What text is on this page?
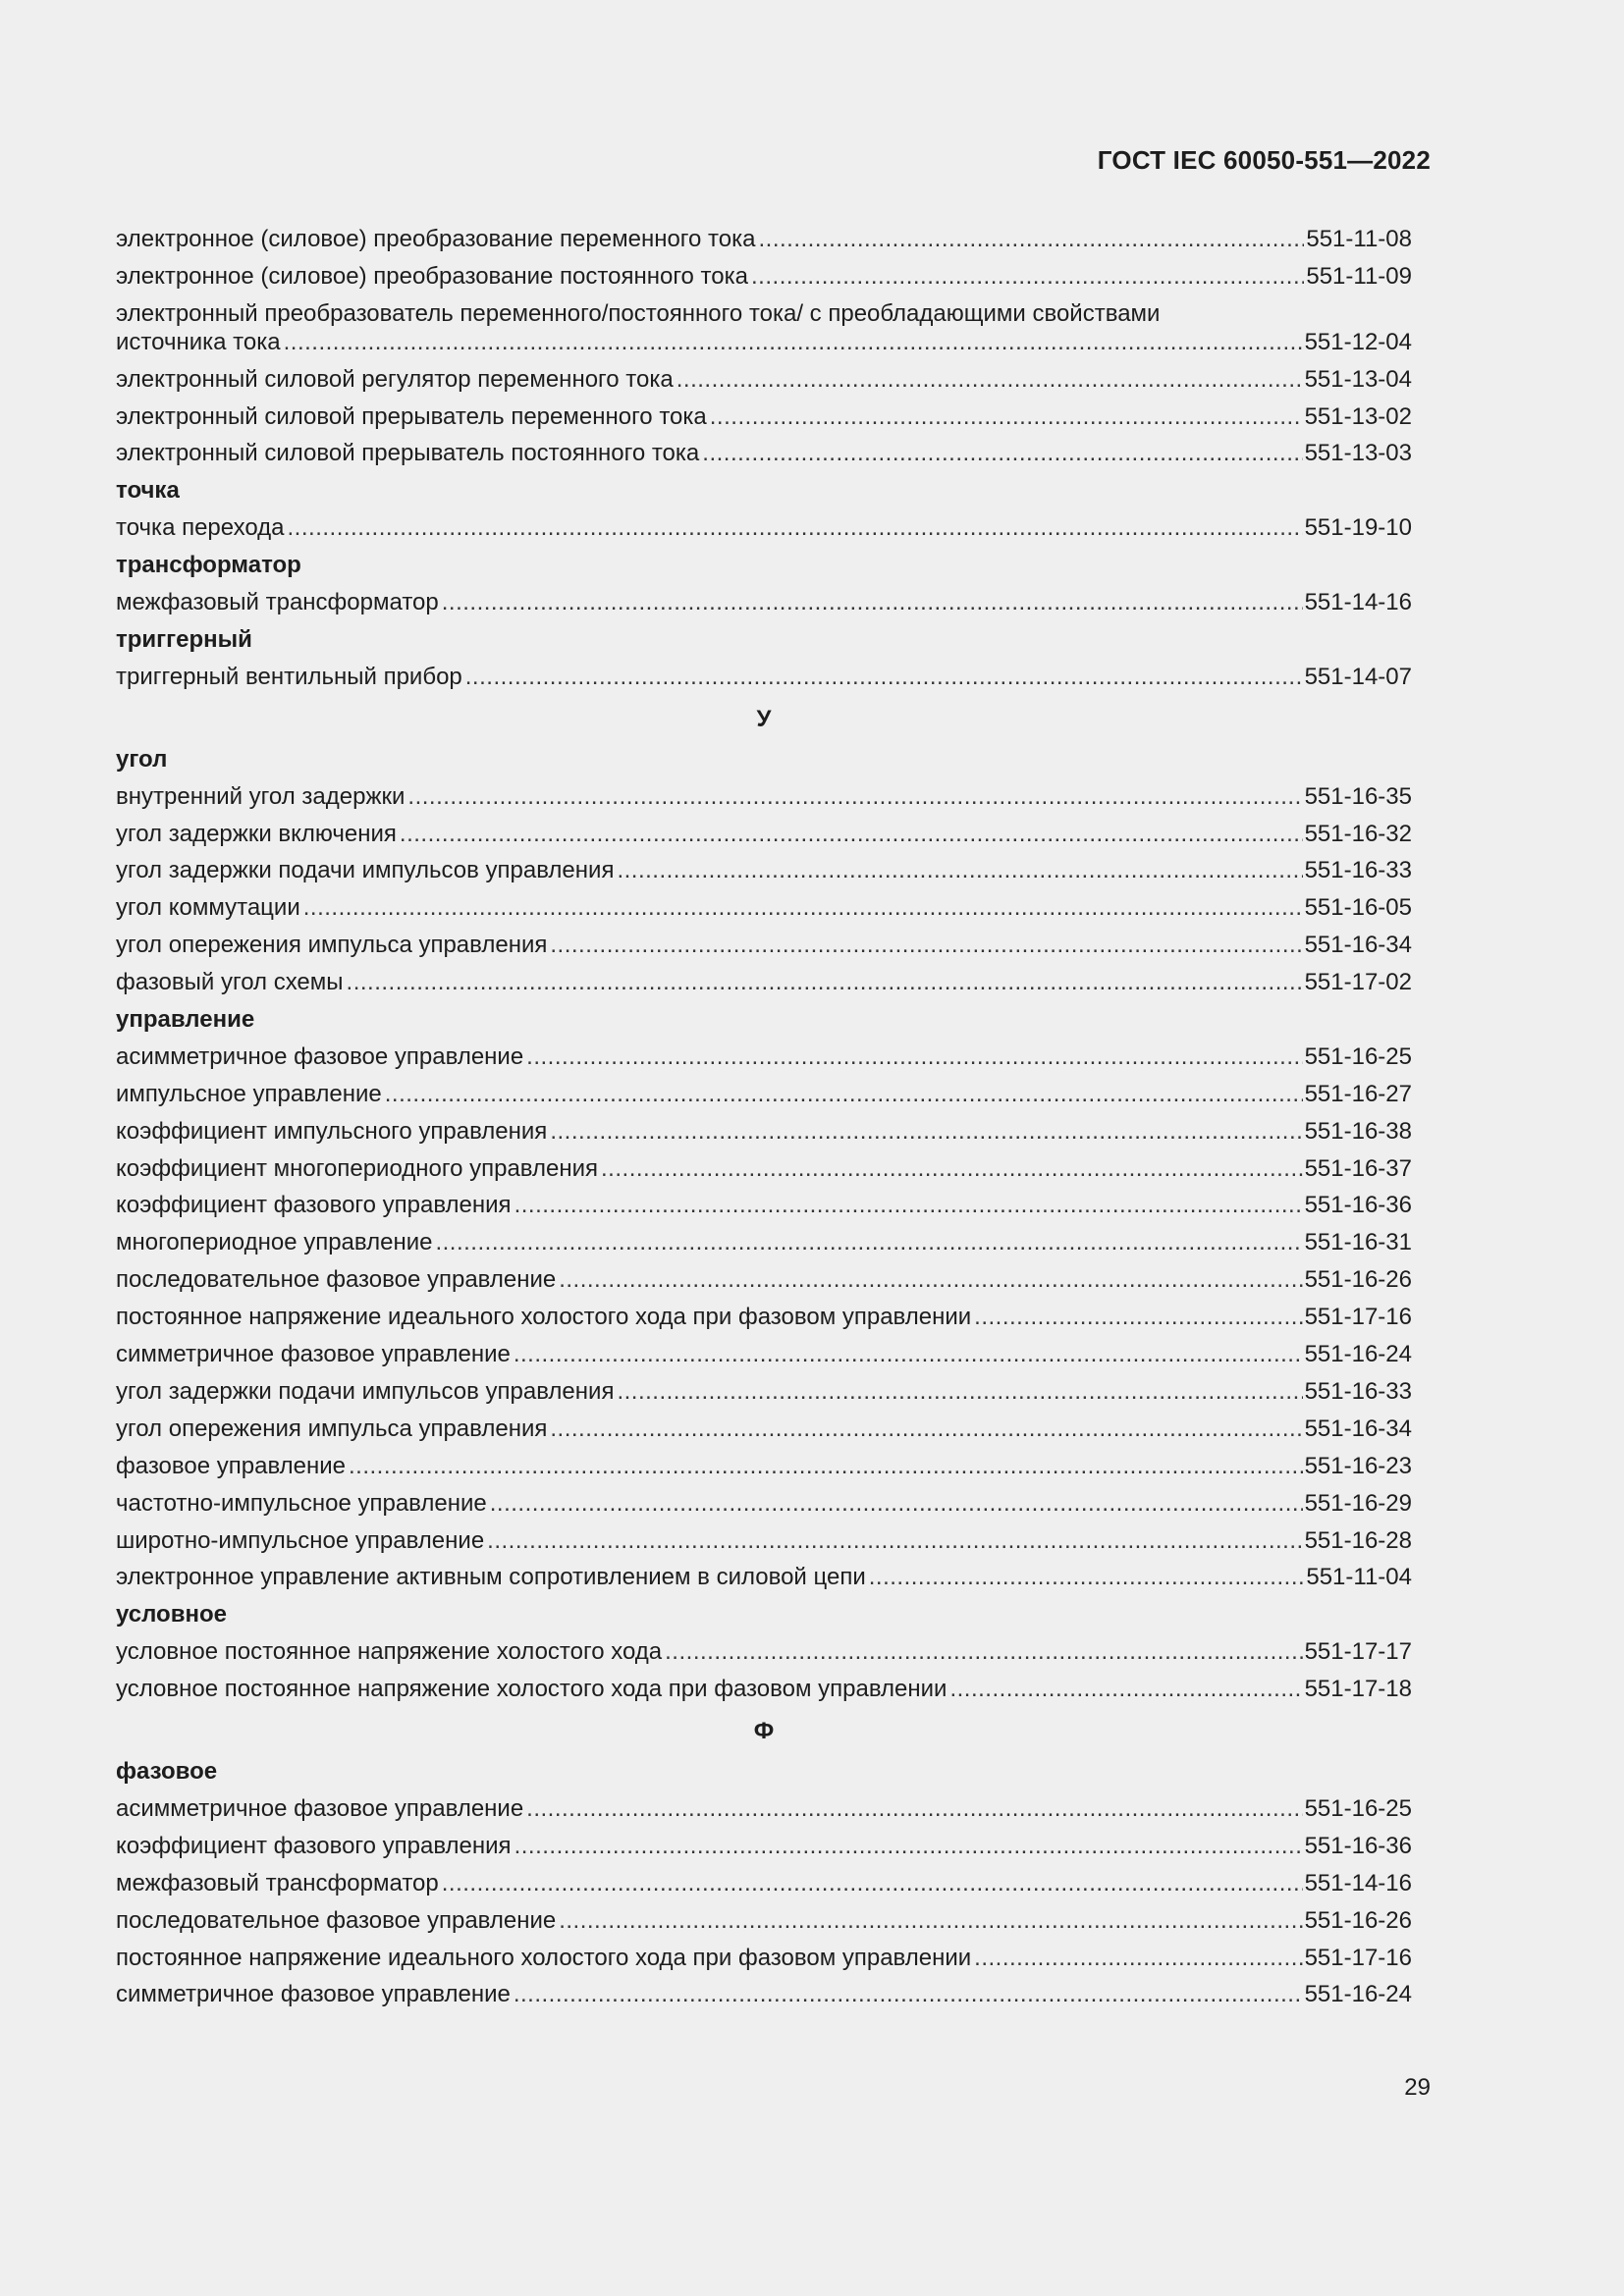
ГОСТ IEC 60050-551—2022
электронное (силовое) преобразование переменного тока .....	551-11-08
электронное (силовое) преобразование постоянного тока .....	551-11-09
электронный преобразователь переменного/постоянного тока/ с преобладающими свойствами
источника тока .....	551-12-04
электронный силовой регулятор переменного тока .....	551-13-04
электронный силовой прерыватель переменного тока .....	551-13-02
электронный силовой прерыватель постоянного тока .....	551-13-03
точка
точка перехода .....	551-19-10
трансформатор
межфазовый трансформатор .....	551-14-16
триггерный
триггерный вентильный прибор .....	551-14-07
У
угол
внутренний угол задержки .....	551-16-35
угол задержки включения .....	551-16-32
угол задержки подачи импульсов управления .....	551-16-33
угол коммутации .....	551-16-05
угол опережения импульса управления .....	551-16-34
фазовый угол схемы .....	551-17-02
управление
асимметричное фазовое управление .....	551-16-25
импульсное управление .....	551-16-27
коэффициент импульсного управления .....	551-16-38
коэффициент многопериодного управления .....	551-16-37
коэффициент фазового управления .....	551-16-36
многопериодное управление .....	551-16-31
последовательное фазовое управление .....	551-16-26
постоянное напряжение идеального холостого хода при фазовом управлении .....	551-17-16
симметричное фазовое управление .....	551-16-24
угол задержки подачи импульсов управления .....	551-16-33
угол опережения импульса управления .....	551-16-34
фазовое управление .....	551-16-23
частотно-импульсное управление .....	551-16-29
широтно-импульсное управление .....	551-16-28
электронное управление активным сопротивлением в силовой цепи .....	551-11-04
условное
условное постоянное напряжение холостого хода .....	551-17-17
условное постоянное напряжение холостого хода при фазовом управлении .....	551-17-18
Ф
фазовое
асимметричное фазовое управление .....	551-16-25
коэффициент фазового управления .....	551-16-36
межфазовый трансформатор .....	551-14-16
последовательное фазовое управление .....	551-16-26
постоянное напряжение идеального холостого хода при фазовом управлении .....	551-17-16
симметричное фазовое управление .....	551-16-24
29
